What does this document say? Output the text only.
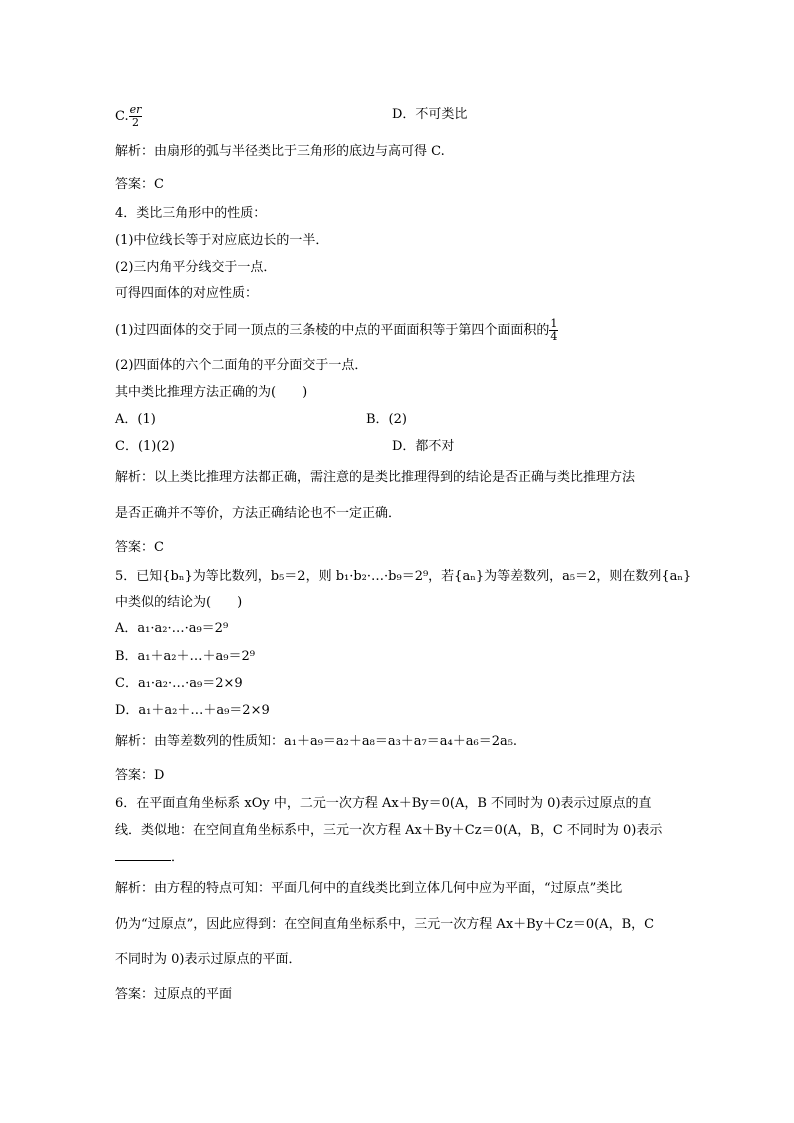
C. $\frac{er}{2}$	D．不可类比
解析：由扇形的弧与半径类比于三角形的底边与高可得 C.
答案：C
4．类比三角形中的性质：
(1)中位线长等于对应底边长的一半．
(2)三内角平分线交于一点．
可得四面体的对应性质：
(1)过四面体的交于同一顶点的三条棱的中点的平面面积等于第四个面面积的 $\frac{1}{4}$
(2)四面体的六个二面角的平分面交于一点．
其中类比推理方法正确的为(　　)
A．(1)	B．(2)
C．(1)(2)	D．都不对
解析：以上类比推理方法都正确，需注意的是类比推理得到的结论是否正确与类比推理方法
是否正确并不等价，方法正确结论也不一定正确．
答案：C
5．已知{bₙ}为等比数列，b₅＝2，则 b₁·b₂·…·b₉＝2⁹，若{aₙ}为等差数列，a₅＝2，则在数列{aₙ}
中类似的结论为(　　)
A．a₁·a₂·…·a₉＝2⁹
B．a₁＋a₂＋…＋a₉＝2⁹
C．a₁·a₂·…·a₉＝2×9
D．a₁＋a₂＋…＋a₉＝2×9
解析：由等差数列的性质知：a₁＋a₉＝a₂＋a₈＝a₃＋a₇＝a₄＋a₆＝2a₅.
答案：D
6．在平面直角坐标系 xOy 中，二元一次方程 Ax＋By＝0(A，B 不同时为 0)表示过原点的直
线．类似地：在空间直角坐标系中，三元一次方程 Ax＋By＋Cz＝0(A，B，C 不同时为 0)表示
．
解析：由方程的特点可知：平面几何中的直线类比到立体几何中应为平面，“过原点”类比
仍为“过原点”，因此应得到：在空间直角坐标系中，三元一次方程 Ax＋By＋Cz＝0(A，B，C
不同时为 0)表示过原点的平面．
答案：过原点的平面
